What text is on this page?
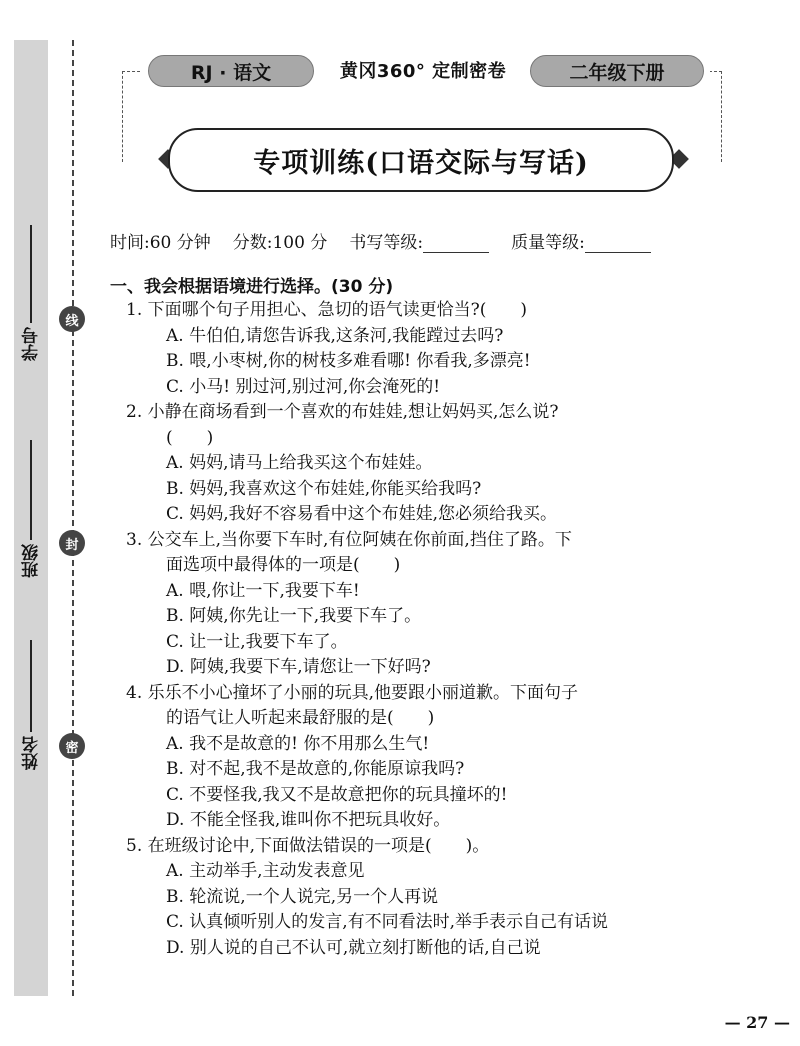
学号
班级
姓名
线
封
密
RJ · 语文	黄冈360° 定制密卷	二年级下册
专项训练(口语交际与写话)
时间:60 分钟 分数:100 分 书写等级:	质量等级:
一、我会根据语境进行选择。(30 分)
1. 下面哪个句子用担心、急切的语气读更恰当?(　　)
A. 牛伯伯,请您告诉我,这条河,我能蹚过去吗?
B. 喂,小枣树,你的树枝多难看哪! 你看我,多漂亮!
C. 小马! 别过河,别过河,你会淹死的!
2. 小静在商场看到一个喜欢的布娃娃,想让妈妈买,怎么说?
(　　)
A. 妈妈,请马上给我买这个布娃娃。
B. 妈妈,我喜欢这个布娃娃,你能买给我吗?
C. 妈妈,我好不容易看中这个布娃娃,您必须给我买。
3. 公交车上,当你要下车时,有位阿姨在你前面,挡住了路。下
面选项中最得体的一项是(　　)
A. 喂,你让一下,我要下车!
B. 阿姨,你先让一下,我要下车了。
C. 让一让,我要下车了。
D. 阿姨,我要下车,请您让一下好吗?
4. 乐乐不小心撞坏了小丽的玩具,他要跟小丽道歉。下面句子
的语气让人听起来最舒服的是(　　)
A. 我不是故意的! 你不用那么生气!
B. 对不起,我不是故意的,你能原谅我吗?
C. 不要怪我,我又不是故意把你的玩具撞坏的!
D. 不能全怪我,谁叫你不把玩具收好。
5. 在班级讨论中,下面做法错误的一项是(　　)。
A. 主动举手,主动发表意见
B. 轮流说,一个人说完,另一个人再说
C. 认真倾听别人的发言,有不同看法时,举手表示自己有话说
D. 别人说的自己不认可,就立刻打断他的话,自己说
— 27 —
